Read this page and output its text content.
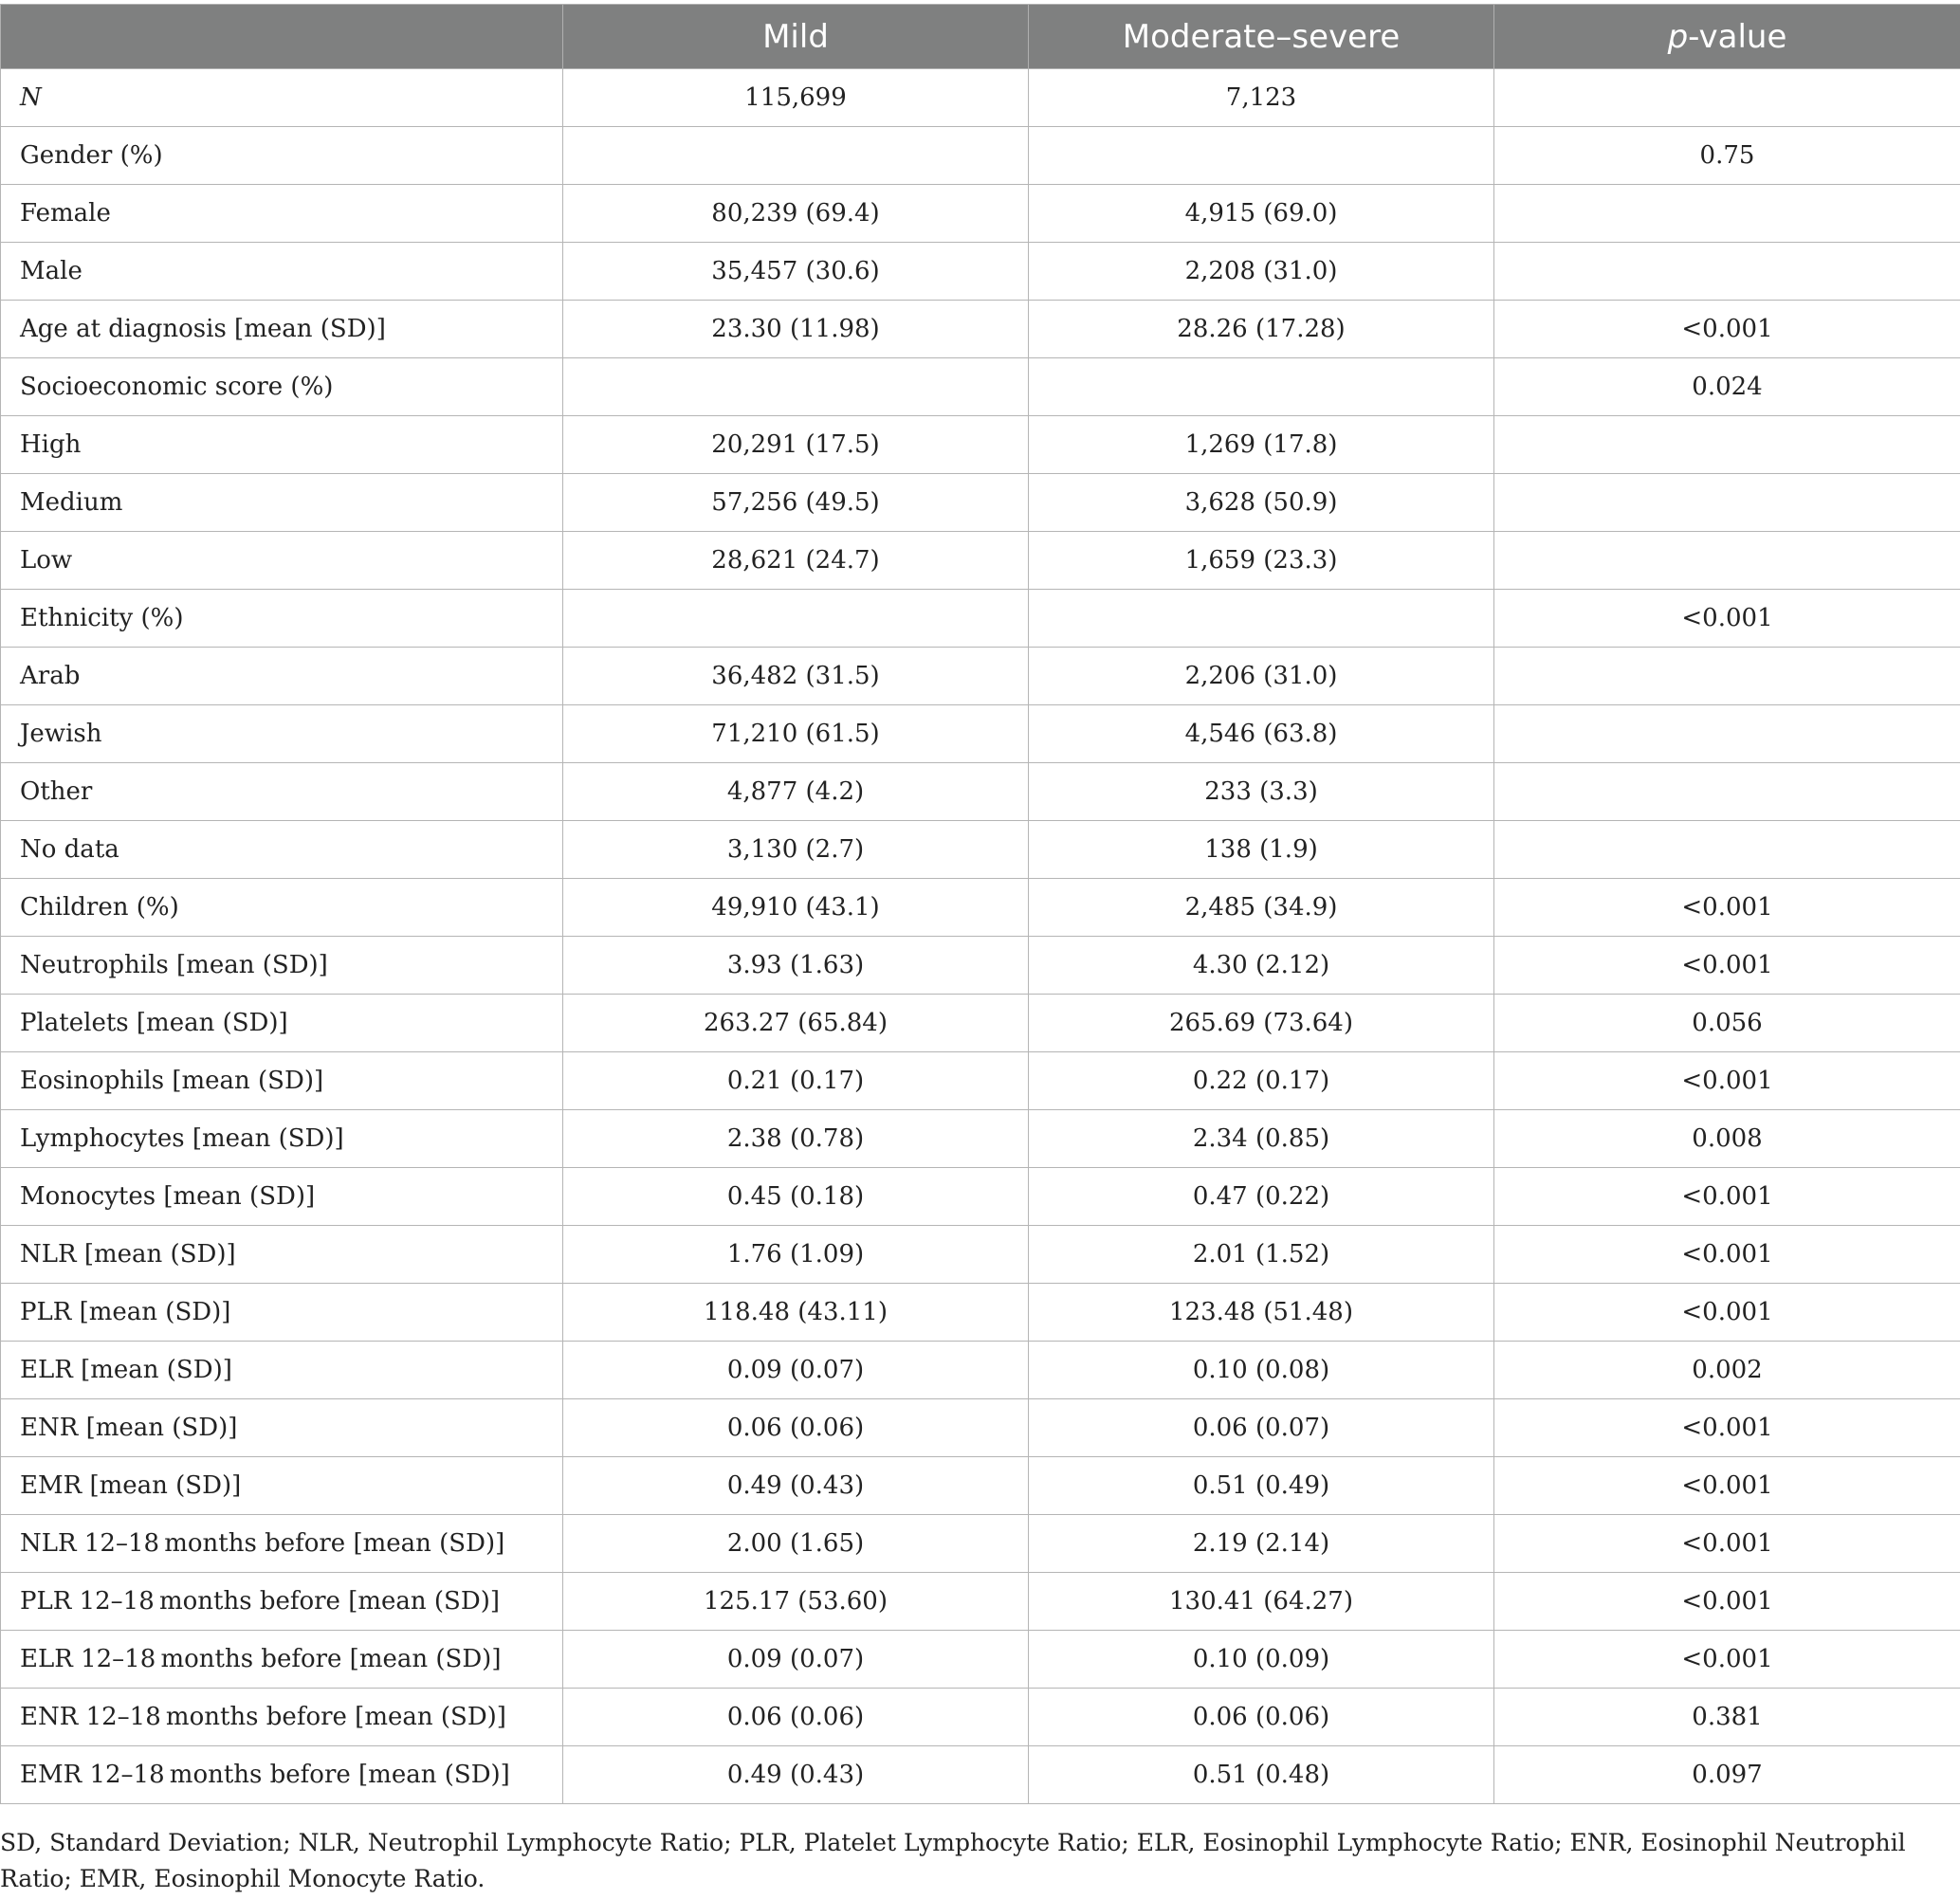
	Mild	Moderate–severe	p-value
N	115,699	7,123	
Gender (%)			0.75
Female	80,239 (69.4)	4,915 (69.0)	
Male	35,457 (30.6)	2,208 (31.0)	
Age at diagnosis [mean (SD)]	23.30 (11.98)	28.26 (17.28)	<0.001
Socioeconomic score (%)			0.024
High	20,291 (17.5)	1,269 (17.8)	
Medium	57,256 (49.5)	3,628 (50.9)	
Low	28,621 (24.7)	1,659 (23.3)	
Ethnicity (%)			<0.001
Arab	36,482 (31.5)	2,206 (31.0)	
Jewish	71,210 (61.5)	4,546 (63.8)	
Other	4,877 (4.2)	233 (3.3)	
No data	3,130 (2.7)	138 (1.9)	
Children (%)	49,910 (43.1)	2,485 (34.9)	<0.001
Neutrophils [mean (SD)]	3.93 (1.63)	4.30 (2.12)	<0.001
Platelets [mean (SD)]	263.27 (65.84)	265.69 (73.64)	0.056
Eosinophils [mean (SD)]	0.21 (0.17)	0.22 (0.17)	<0.001
Lymphocytes [mean (SD)]	2.38 (0.78)	2.34 (0.85)	0.008
Monocytes [mean (SD)]	0.45 (0.18)	0.47 (0.22)	<0.001
NLR [mean (SD)]	1.76 (1.09)	2.01 (1.52)	<0.001
PLR [mean (SD)]	118.48 (43.11)	123.48 (51.48)	<0.001
ELR [mean (SD)]	0.09 (0.07)	0.10 (0.08)	0.002
ENR [mean (SD)]	0.06 (0.06)	0.06 (0.07)	<0.001
EMR [mean (SD)]	0.49 (0.43)	0.51 (0.49)	<0.001
NLR 12–18 months before [mean (SD)]	2.00 (1.65)	2.19 (2.14)	<0.001
PLR 12–18 months before [mean (SD)]	125.17 (53.60)	130.41 (64.27)	<0.001
ELR 12–18 months before [mean (SD)]	0.09 (0.07)	0.10 (0.09)	<0.001
ENR 12–18 months before [mean (SD)]	0.06 (0.06)	0.06 (0.06)	0.381
EMR 12–18 months before [mean (SD)]	0.49 (0.43)	0.51 (0.48)	0.097
SD, Standard Deviation; NLR, Neutrophil Lymphocyte Ratio; PLR, Platelet Lymphocyte Ratio; ELR, Eosinophil Lymphocyte Ratio; ENR, Eosinophil Neutrophil Ratio; EMR, Eosinophil Monocyte Ratio.
